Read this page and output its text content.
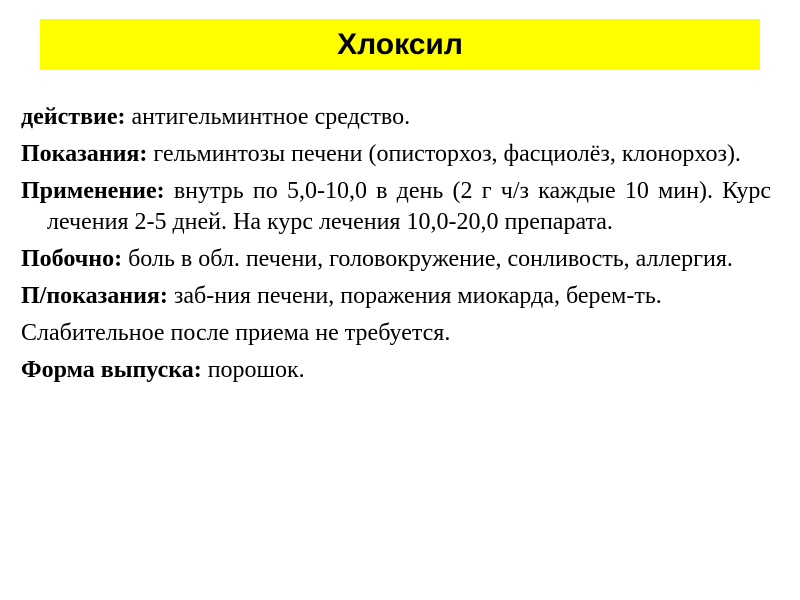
Хлоксил

действие: антигельминтное средство.

Показания: гельминтозы печени (описторхоз, фасциолёз, клонорхоз).

Применение: внутрь по 5,0-10,0 в день (2 г ч/з каждые 10 мин). Курс лечения 2-5 дней. На курс лечения 10,0-20,0 препарата.

Побочно: боль в обл. печени, головокружение, сонливость, аллергия.

П/показания: заб-ния печени, поражения миокарда, берем-ть.

Слабительное после приема не требуется.

Форма выпуска: порошок.
